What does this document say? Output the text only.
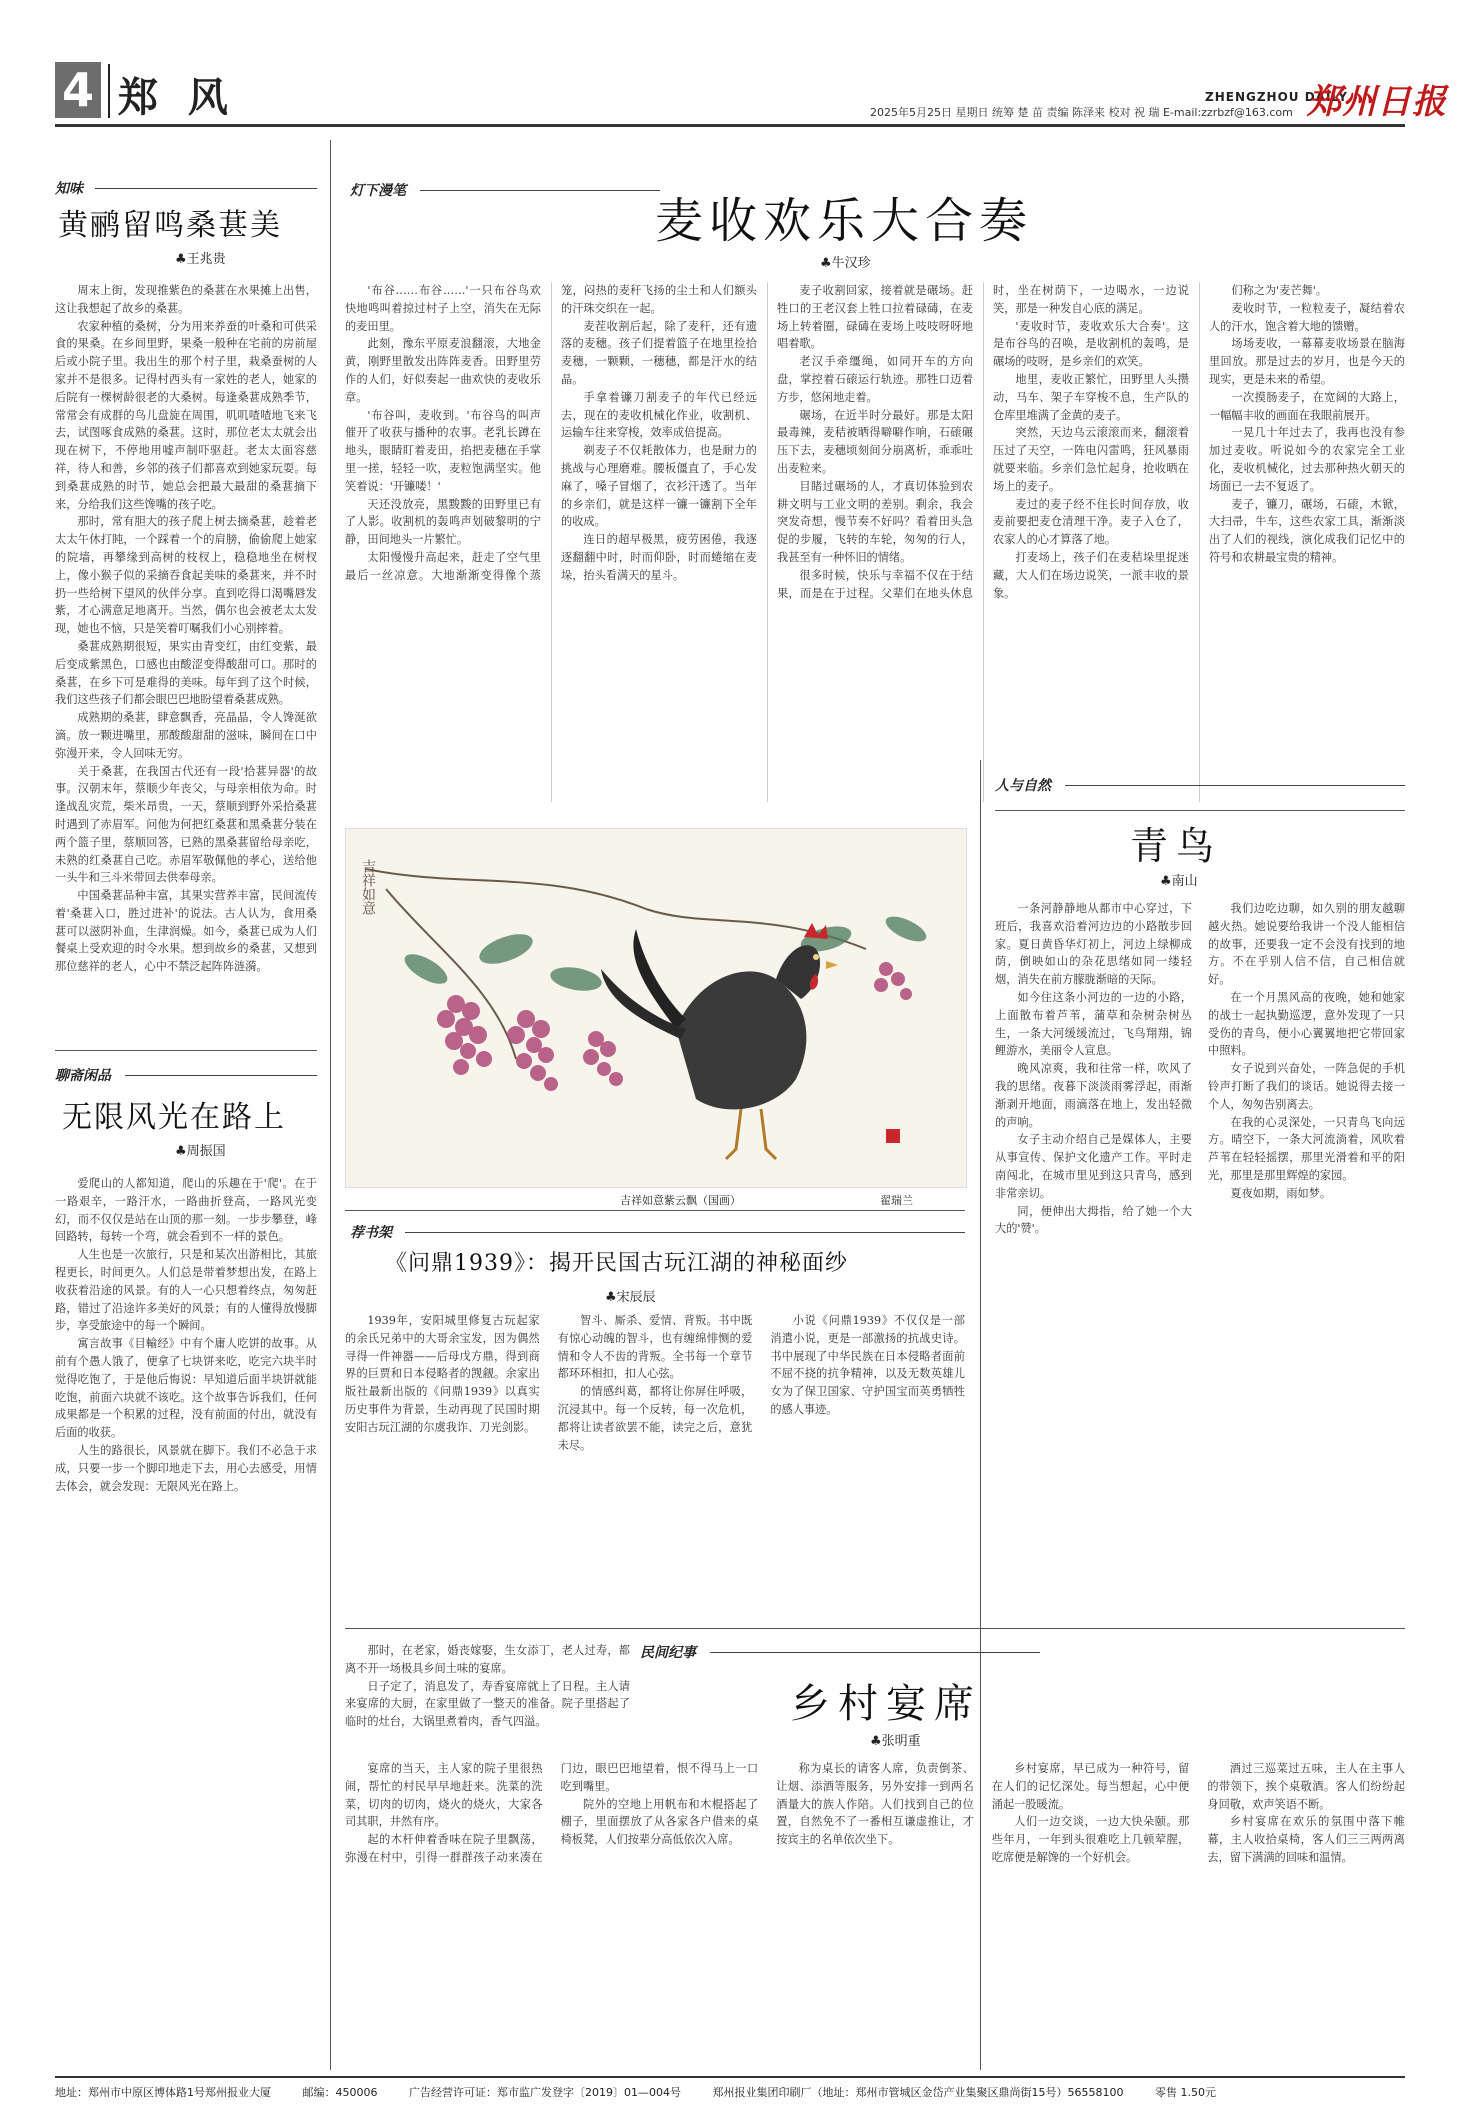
4 郑 风	ZHENGZHOU DAILY
郑州日报
2025年5月25日 星期日 统筹 楚 苗 责编 陈泽来 校对 祝 瑞 E-mail:zzrbzf@163.com
知味
黄鹂留鸣桑葚美
♣王兆贵

周末上街，发现推紫色的桑葚在水果摊上出售，这让我想起了故乡的桑葚。

农家种植的桑树，分为用来养蚕的叶桑和可供采食的果桑。在乡间里野，果桑一般种在宅前的房前屋后或小院子里。我出生的那个村子里，栽桑蚕树的人家并不是很多。记得村西头有一家姓的老人，她家的后院有一棵树龄很老的大桑树。每逢桑葚成熟季节，常常会有成群的鸟儿盘旋在周围，叽叽喳喳地飞来飞去，试图啄食成熟的桑葚。这时，那位老太太就会出现在树下，不停地用嘘声制吓驱赶。老太太面容慈祥，待人和善，乡邻的孩子们都喜欢到她家玩耍。每到桑葚成熟的时节，她总会把最大最甜的桑葚摘下来，分给我们这些馋嘴的孩子吃。

那时，常有胆大的孩子爬上树去摘桑葚，趁着老太太午休打盹，一个踩着一个的肩膀，偷偷爬上她家的院墙，再攀缘到高树的枝杈上，稳稳地坐在树杈上，像小猴子似的采摘吞食起美味的桑葚来，并不时扔一些给树下望风的伙伴分享。直到吃得口渴嘴唇发紫，才心满意足地离开。当然，偶尔也会被老太太发现，她也不恼，只是笑着叮嘱我们小心别摔着。

桑葚成熟期很短，果实由青变红，由红变紫，最后变成紫黑色，口感也由酸涩变得酸甜可口。那时的桑葚，在乡下可是难得的美味。每年到了这个时候，我们这些孩子们都会眼巴巴地盼望着桑葚成熟。

成熟期的桑葚，肆意飘香，亮晶晶，令人馋涎欲滴。放一颗进嘴里，那酸酸甜甜的滋味，瞬间在口中弥漫开来，令人回味无穷。

关于桑葚，在我国古代还有一段'拾葚异器'的故事。汉朝末年，蔡顺少年丧父，与母亲相依为命。时逢战乱灾荒，柴米昂贵，一天，蔡顺到野外采拾桑葚时遇到了赤眉军。问他为何把红桑葚和黑桑葚分装在两个篮子里，蔡顺回答，已熟的黑桑葚留给母亲吃，未熟的红桑葚自己吃。赤眉军敬佩他的孝心，送给他一头牛和三斗米带回去供奉母亲。

中国桑葚品种丰富，其果实营养丰富，民间流传着'桑葚入口，胜过进补'的说法。古人认为，食用桑葚可以滋阴补血，生津润燥。如今，桑葚已成为人们餐桌上受欢迎的时令水果。想到故乡的桑葚，又想到那位慈祥的老人，心中不禁泛起阵阵涟漪。

聊斋闲品
无限风光在路上
♣周振国

爱爬山的人都知道，爬山的乐趣在于'爬'。在于一路艰辛，一路汗水，一路曲折登高，一路风光变幻，而不仅仅是站在山顶的那一刻。一步步攀登，峰回路转，每转一个弯，就会看到不一样的景色。

人生也是一次旅行，只是和某次出游相比，其旅程更长，时间更久。人们总是带着梦想出发，在路上收获着沿途的风景。有的人一心只想着终点，匆匆赶路，错过了沿途许多美好的风景；有的人懂得放慢脚步，享受旅途中的每一个瞬间。

寓言故事《目輸经》中有个庸人吃饼的故事。从前有个愚人饿了，便拿了七块饼来吃，吃完六块半时觉得吃饱了，于是他后悔说：早知道后面半块饼就能吃饱，前面六块就不该吃。这个故事告诉我们，任何成果都是一个积累的过程，没有前面的付出，就没有后面的收获。

人生的路很长，风景就在脚下。我们不必急于求成，只要一步一个脚印地走下去，用心去感受，用情去体会，就会发现：无限风光在路上。

灯下漫笔
麦收欢乐大合奏
♣牛汉珍

'布谷……布谷……'一只布谷鸟欢快地鸣叫着掠过村子上空，消失在无际的麦田里。

此刻，豫东平原麦浪翻滚，大地金黄，刚野里散发出阵阵麦香。田野里劳作的人们，好似奏起一曲欢快的麦收乐章。

'布谷叫，麦收到。'布谷鸟的叫声催开了收获与播种的农事。老乳长蹲在地头，眼睛盯着麦田，掐把麦穗在手掌里一搓，轻轻一吹，麦粒饱满坚实。他笑着说：'开镰喽！'

天还没放亮，黑黢黢的田野里已有了人影。收割机的轰鸣声划破黎明的宁静，田间地头一片繁忙。

太阳慢慢升高起来，赶走了空气里最后一丝凉意。大地渐渐变得像个蒸笼，闷热的麦秆飞扬的尘土和人们额头的汗珠交织在一起。

麦茬收割后起，除了麦秆，还有遗落的麦穗。孩子们提着篮子在地里捡拾麦穗，一颗颗，一穗穗，都是汗水的结晶。

手拿着镰刀割麦子的年代已经远去，现在的麦收机械化作业，收割机、运输车往来穿梭，效率成倍提高。

剃麦子不仅耗散体力，也是耐力的挑战与心理磨难。腰板僵直了，手心发麻了，嗓子冒烟了，衣衫汗透了。当年的乡亲们，就是这样一镰一镰割下全年的收成。

连日的超早极黑，疲劳困倦，我逐逐翻翻中时，时而仰卧，时而蜷缩在麦垛，抬头看满天的星斗。

麦子收割回家，接着就是碾场。赶牲口的王老汉套上牲口拉着碌碡，在麦场上转着圈，碌碡在麦场上吱吱呀呀地唱着歌。

老汉手牵缰绳，如同开车的方向盘，掌控着石磙运行轨迹。那牲口迈着方步，悠闲地走着。

碾场，在近半时分最好。那是太阳最毒辣，麦秸被晒得噼噼作响，石磙碾压下去，麦穗顷刻间分崩离析，乖乖吐出麦粒来。

目睹过碾场的人，才真切体验到农耕文明与工业文明的差别。剩余，我会突发奇想，慢节奏不好吗？看着田头急促的步履，飞转的车轮，匆匆的行人，我甚至有一种怀旧的情绪。

很多时候，快乐与幸福不仅在于结果，而是在于过程。父辈们在地头休息时，坐在树荫下，一边喝水，一边说笑，那是一种发自心底的满足。

'麦收时节，麦收欢乐大合奏'。这是布谷鸟的召唤，是收割机的轰鸣，是碾场的吱呀，是乡亲们的欢笑。

地里，麦收正繁忙，田野里人头攒动，马车、架子车穿梭不息，生产队的仓库里堆满了金黄的麦子。

突然，天边乌云滚滚而来，翻滚着压过了天空，一阵电闪雷鸣，狂风暴雨就要来临。乡亲们急忙起身，抢收晒在场上的麦子。

麦过的麦子经不住长时间存放，收麦前要把麦仓清理干净。麦子入仓了，农家人的心才算落了地。

打麦场上，孩子们在麦秸垛里捉迷藏，大人们在场边说笑，一派丰收的景象。

们称之为'麦芒舞'。

麦收时节，一粒粒麦子，凝结着农人的汗水，饱含着大地的馈赠。

场场麦收，一幕幕麦收场景在脑海里回放。那是过去的岁月，也是今天的现实，更是未来的希望。

一次摸肠麦子，在宽阔的大路上，一幅幅丰收的画面在我眼前展开。

一晃几十年过去了，我再也没有参加过麦收。听说如今的农家完全工业化，麦收机械化，过去那种热火朝天的场面已一去不复返了。

麦子，镰刀，碾场，石磙，木锨，大扫帚，牛车，这些农家工具，渐渐淡出了人们的视线，演化成我们记忆中的符号和农耕最宝贵的精神。

吉祥如意
吉祥如意紫云飘（国画）	翟瑞兰
荐书架
《问鼎1939》：揭开民国古玩江湖的神秘面纱
♣宋辰辰

1939年，安阳城里修复古玩起家的余氏兄弟中的大哥余宝发，因为偶然寻得一件神器——后母戊方鼎，得到商界的巨贾和日本侵略者的觊觎。余家出版社最新出版的《问鼎1939》以真实历史事件为背景，生动再现了民国时期安阳古玩江湖的尔虞我诈、刀光剑影。

智斗、厮杀、爱情、背叛。书中既有惊心动魄的智斗，也有缠绵悱恻的爱情和令人不齿的背叛。全书每一个章节都环环相扣，扣人心弦。

的情感纠葛，都将让你屏住呼吸，沉浸其中。每一个反转，每一次危机，都将让读者欲罢不能，读完之后，意犹未尽。

小说《问鼎1939》不仅仅是一部消遣小说，更是一部激扬的抗战史诗。书中展现了中华民族在日本侵略者面前不屈不挠的抗争精神，以及无数英雄儿女为了保卫国家、守护国宝而英勇牺牲的感人事迹。

人与自然
青鸟
♣南山

一条河静静地从都市中心穿过，下班后，我喜欢沿着河边边的小路散步回家。夏日黄昏华灯初上，河边上绿柳成荫，倒映如山的杂花思绪如同一缕轻烟，消失在前方朦胧渐暗的天际。

如今住这条小河边的一边的小路，上面散布着芦苇，蒲草和杂树杂树丛生，一条大河缓缓流过，飞鸟翔翔，锦鲤游水，美丽令人宣息。

晚风凉爽，我和往常一样，吹风了我的思绪。夜暮下淡淡雨雾浮起，雨渐渐剥开地面，雨滴落在地上，发出轻微的声响。

女子主动介绍自己是媒体人，主要从事宣传、保护文化遗产工作。平时走南闯北，在城市里见到这只青鸟，感到非常亲切。

同，便伸出大拇指，给了她一个大大的'赞'。

我们边吃边聊，如久别的朋友越聊越火热。她说要给我讲一个没人能相信的故事，还要我一定不会没有找到的地方。不在乎别人信不信，自己相信就好。

在一个月黑风高的夜晚，她和她家的战士一起执勤巡逻，意外发现了一只受伤的青鸟，便小心翼翼地把它带回家中照料。

女子说到兴奋处，一阵急促的手机铃声打断了我们的谈话。她说得去接一个人，匆匆告别离去。

在我的心灵深处，一只青鸟飞向远方。晴空下，一条大河流淌着，风吹着芦苇在轻轻摇摆，那里光滑着和平的阳光，那里是那里辉煌的家园。

夏夜如期，雨如梦。

民间纪事
乡村宴席
♣张明重

宴席的当天，主人家的院子里很热闹，帮忙的村民早早地赶来。洗菜的洗菜，切肉的切肉，烧火的烧火，大家各司其职，井然有序。

起的木杆伸着香味在院子里飘荡，弥漫在村中，引得一群群孩子动来凑在门边，眼巴巴地望着，恨不得马上一口吃到嘴里。

院外的空地上用帆布和木棍搭起了棚子，里面摆放了从各家各户借来的桌椅板凳，人们按辈分高低依次入席。

称为桌长的请客人席，负责倒茶、让烟、添酒等服务，另外安排一到两名酒量大的族人作陪。人们找到自己的位置，自然免不了一番相互谦虚推让，才按宾主的名单依次坐下。

乡村宴席，早已成为一种符号，留在人们的记忆深处。每当想起，心中便涌起一股暖流。

人们一边交谈，一边大快朵颐。那些年月，一年到头很难吃上几顿荤腥，吃席便是解馋的一个好机会。

酒过三巡菜过五味，主人在主事人的带领下，挨个桌敬酒。客人们纷纷起身回敬，欢声笑语不断。

乡村宴席在欢乐的氛围中落下帷幕，主人收拾桌椅，客人们三三两两离去，留下满满的回味和温情。

那时，在老家，婚丧嫁娶，生女添丁，老人过寿，都离不开一场极具乡间土味的宴席。

日子定了，消息发了，寿香宴席就上了日程。主人请来宴席的大厨，在家里做了一整天的准备。院子里搭起了临时的灶台，大锅里煮着肉，香气四溢。

地址：郑州市中原区博体路1号郑州报业大厦	邮编：450006	广告经营许可证：郑市监广发登字〔2019〕01—004号	郑州报业集团印刷厂（地址：郑州市管城区金岱产业集聚区鼎尚街15号）56558100	零售 1.50元
